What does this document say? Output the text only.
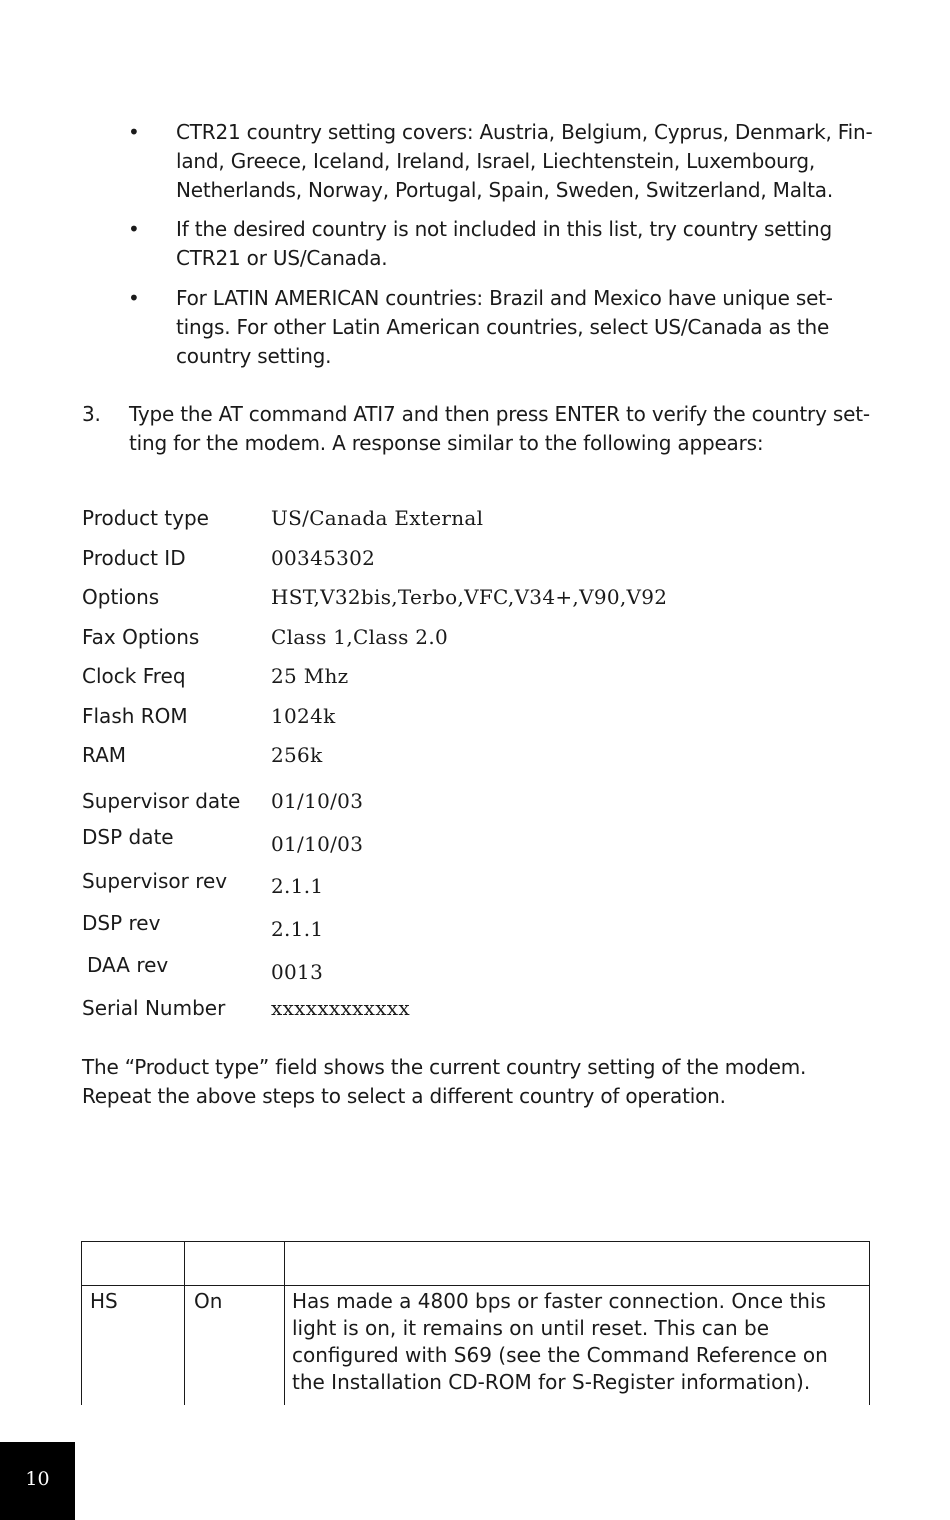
• CTR21 country setting covers: Austria, Belgium, Cyprus, Denmark, Fin-land, Greece, Iceland, Ireland, Israel, Liechtenstein, Luxembourg, Netherlands, Norway, Portugal, Spain, Sweden, Switzerland, Malta.
• If the desired country is not included in this list, try country setting CTR21 or US/Canada.
• For LATIN AMERICAN countries: Brazil and Mexico have unique set-tings. For other Latin American countries, select US/Canada as the country setting.
3. Type the AT command ATI7 and then press ENTER to verify the country set-ting for the modem. A response similar to the following appears:
Product type	US/Canada External
Product ID	00345302
Options	HST,V32bis,Terbo,VFC,V34+,V90,V92
Fax Options	Class 1,Class 2.0
Clock Freq	25 Mhz
Flash ROM	1024k
RAM	256k
Supervisor date 01/10/03
DSP date	01/10/03
Supervisor rev 2.1.1
DSP rev	2.1.1
DAA rev	0013
Serial Number xxxxxxxxxxxx
The “Product type” field shows the current country setting of the modem. Repeat the above steps to select a different country of operation.
HS	On	Has made a 4800 bps or faster connection. Once this light is on, it remains on until reset. This can be configured with S69 (see the Command Reference on the Installation CD-ROM for S-Register information).
10
